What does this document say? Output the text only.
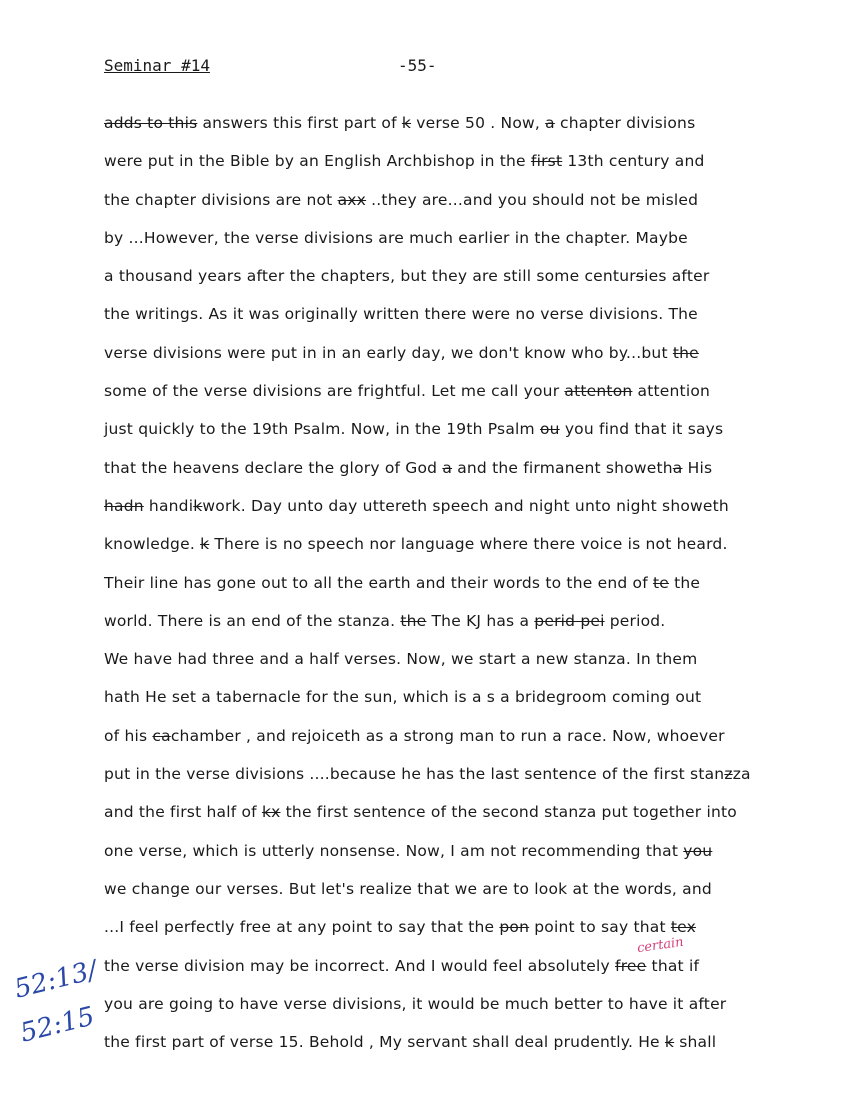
Seminar #14	-55-
adds to this answers this first part of k verse 50 . Now, a chapter divisions
were put in the Bible by an English Archbishop in the first 13th century and
the chapter divisions are not axx ..they are...and you should not be misled
by ...However, the verse divisions are much earlier in the chapter. Maybe
a thousand years after the chapters, but they are still some centursies after
the writings. As it was originally written there were no verse divisions. The
verse divisions were put in in an early day, we don't know who by...but the
some of the verse divisions are frightful. Let me call your attenton attention
just quickly to the 19th Psalm. Now, in the 19th Psalm ou you find that it says
that the heavens declare the glory of God a and the firmanent showetha His
hadn handikwork. Day unto day uttereth speech and night unto night showeth
knowledge. k There is no speech nor language where there voice is not heard.
Their line has gone out to all the earth and their words to the end of te the
world. There is an end of the stanza. the The KJ has a perid pei period.
We have had three and a half verses. Now, we start a new stanza. In them
hath He set a tabernacle for the sun, which is a s a bridegroom coming out
of his cachamber , and rejoiceth as a strong man to run a race. Now, whoever
put in the verse divisions ....because he has the last sentence of the first stanzza
and the first half of kx the first sentence of the second stanza put together into
one verse, which is utterly nonsense. Now, I am not recommending that you
we change our verses. But let's realize that we are to look at the words, and
...I feel perfectly free at any point to say that the pon point to say that tex
the verse division may be incorrect. And I would feel absolutely free that if
you are going to have verse divisions, it would be much better to have it after
the first part of verse 15. Behold , My servant shall deal prudently. He k shall
52:13/
52:15
certain
